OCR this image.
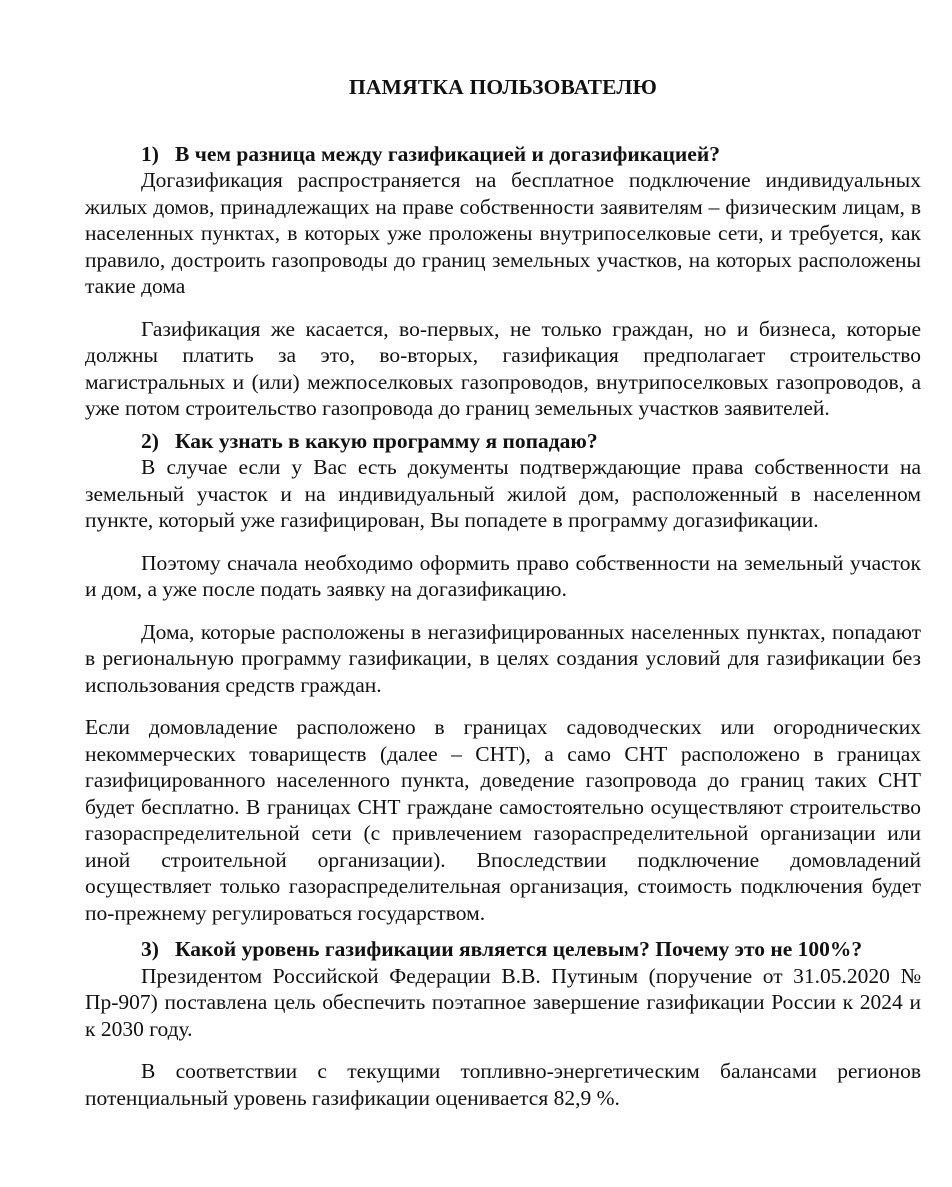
ПАМЯТКА ПОЛЬЗОВАТЕЛЮ
1) В чем разница между газификацией и догазификацией?

Догазификация распространяется на бесплатное подключение индивидуальных жилых домов, принадлежащих на праве собственности заявителям – физическим лицам, в населенных пунктах, в которых уже проложены внутрипоселковые сети, и требуется, как правило, достроить газопроводы до границ земельных участков, на которых расположены такие дома

Газификация же касается, во-первых, не только граждан, но и бизнеса, которые должны платить за это, во-вторых, газификация предполагает строительство магистральных и (или) межпоселковых газопроводов, внутрипоселковых газопроводов, а уже потом строительство газопровода до границ земельных участков заявителей.

2) Как узнать в какую программу я попадаю?

В случае если у Вас есть документы подтверждающие права собственности на земельный участок и на индивидуальный жилой дом, расположенный в населенном пункте, который уже газифицирован, Вы попадете в программу догазификации.

Поэтому сначала необходимо оформить право собственности на земельный участок и дом, а уже после подать заявку на догазификацию.

Дома, которые расположены в негазифицированных населенных пунктах, попадают в региональную программу газификации, в целях создания условий для газификации без использования средств граждан.

Если домовладение расположено в границах садоводческих или огороднических некоммерческих товариществ (далее – СНТ), а само СНТ расположено в границах газифицированного населенного пункта, доведение газопровода до границ таких СНТ будет бесплатно. В границах СНТ граждане самостоятельно осуществляют строительство газораспределительной сети (с привлечением газораспределительной организации или иной строительной организации). Впоследствии подключение домовладений осуществляет только газораспределительная организация, стоимость подключения будет по-прежнему регулироваться государством.

3) Какой уровень газификации является целевым? Почему это не 100%?

Президентом Российской Федерации В.В. Путиным (поручение от 31.05.2020 № Пр-907) поставлена цель обеспечить поэтапное завершение газификации России к 2024 и к 2030 году.

В соответствии с текущими топливно-энергетическим балансами регионов потенциальный уровень газификации оценивается 82,9 %.
